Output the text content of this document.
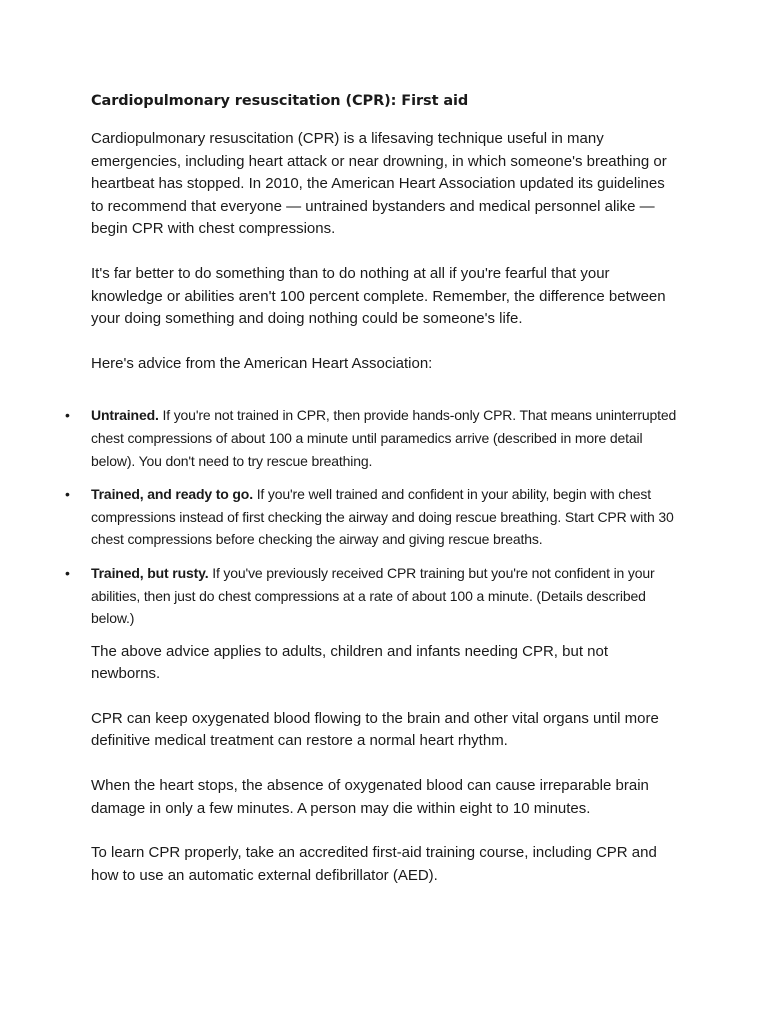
Cardiopulmonary resuscitation (CPR): First aid

Cardiopulmonary resuscitation (CPR) is a lifesaving technique useful in many emergencies, including heart attack or near drowning, in which someone's breathing or heartbeat has stopped. In 2010, the American Heart Association updated its guidelines to recommend that everyone — untrained bystanders and medical personnel alike — begin CPR with chest compressions.

It's far better to do something than to do nothing at all if you're fearful that your knowledge or abilities aren't 100 percent complete. Remember, the difference between your doing something and doing nothing could be someone's life.

Here's advice from the American Heart Association:

• Untrained. If you're not trained in CPR, then provide hands-only CPR. That means uninterrupted chest compressions of about 100 a minute until paramedics arrive (described in more detail below). You don't need to try rescue breathing.
• Trained, and ready to go. If you're well trained and confident in your ability, begin with chest compressions instead of first checking the airway and doing rescue breathing. Start CPR with 30 chest compressions before checking the airway and giving rescue breaths.
• Trained, but rusty. If you've previously received CPR training but you're not confident in your abilities, then just do chest compressions at a rate of about 100 a minute. (Details described below.)

The above advice applies to adults, children and infants needing CPR, but not newborns.

CPR can keep oxygenated blood flowing to the brain and other vital organs until more definitive medical treatment can restore a normal heart rhythm.

When the heart stops, the absence of oxygenated blood can cause irreparable brain damage in only a few minutes. A person may die within eight to 10 minutes.

To learn CPR properly, take an accredited first-aid training course, including CPR and how to use an automatic external defibrillator (AED).
